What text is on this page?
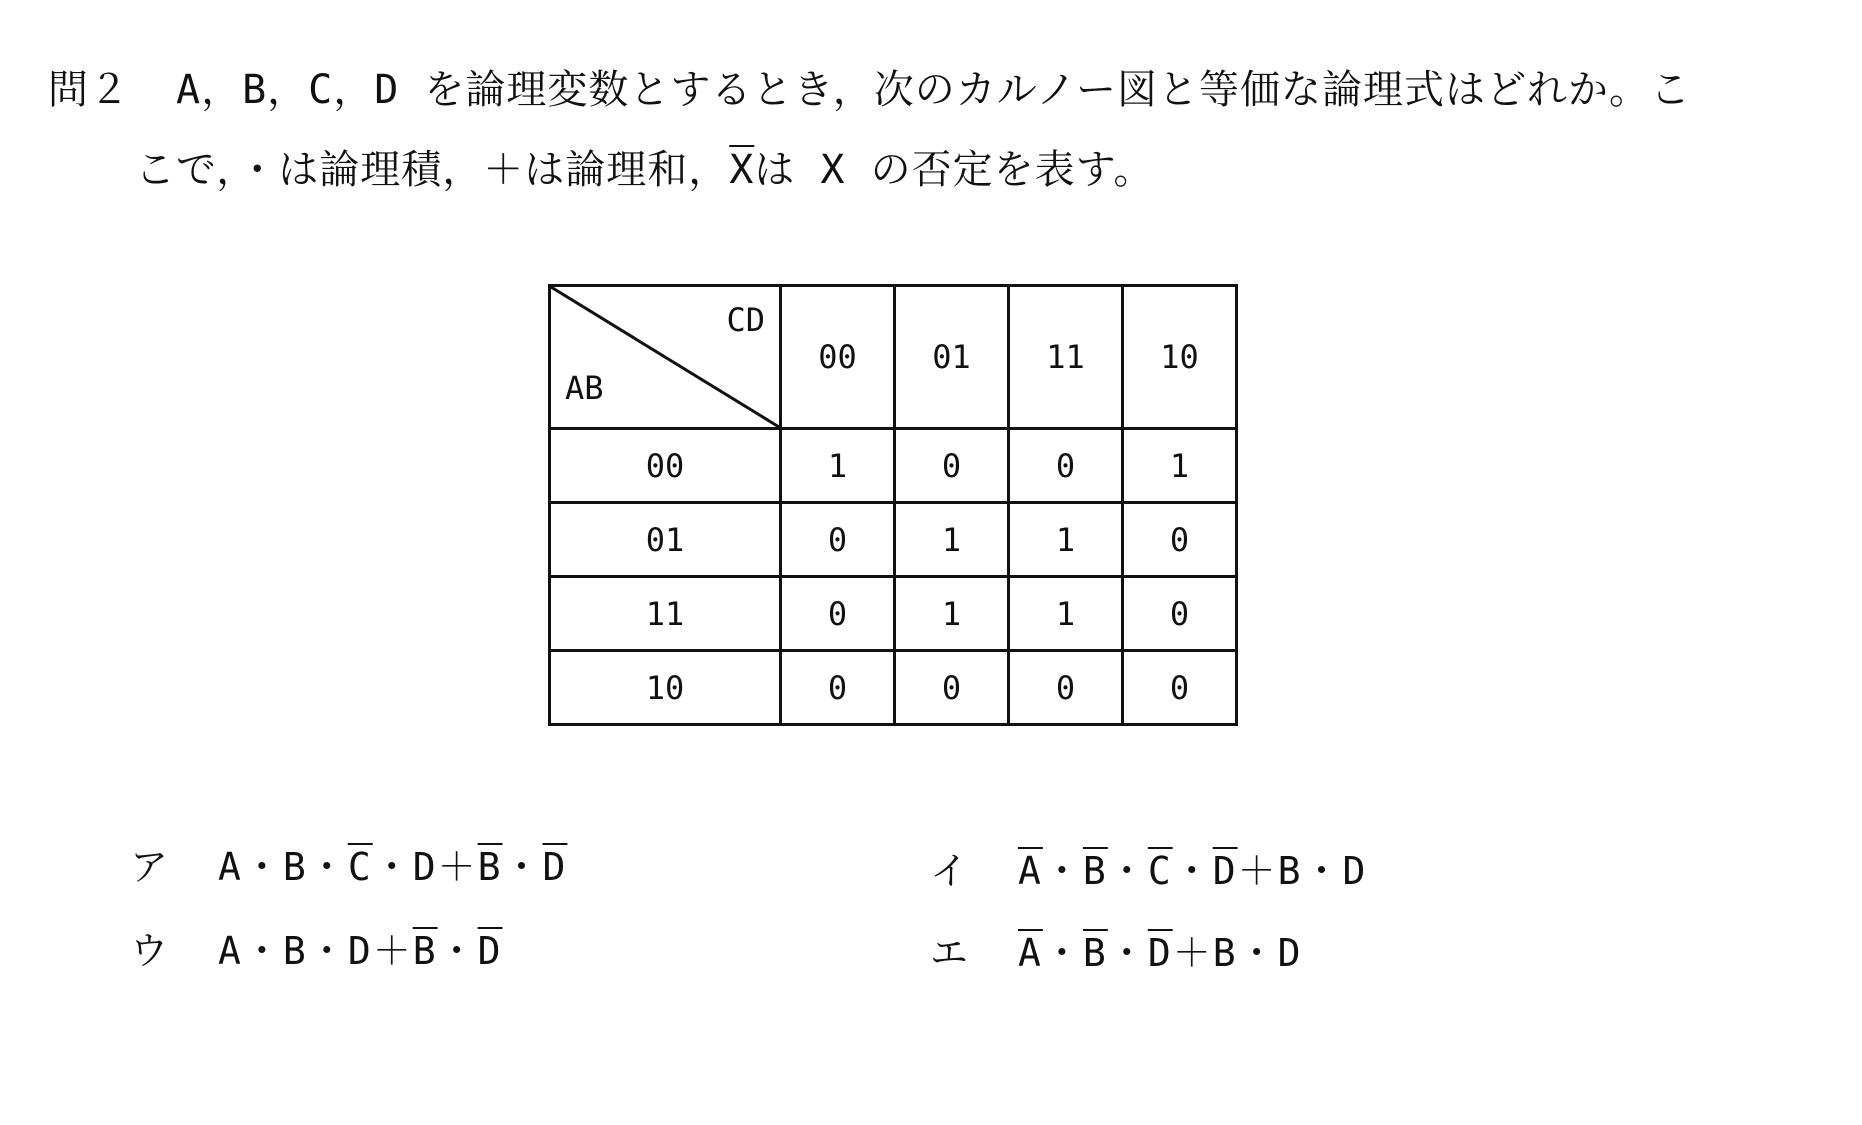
問２ A，B，C，D を論理変数とするとき，次のカルノー図と等価な論理式はどれか。こ
こで，・は論理積，＋は論理和，$\overline{X}$は X の否定を表す。
CD
AB	00	01	11	10
00	1	0	0	1
01	0	1	1	0
11	0	1	1	0
10	0	0	0	0
ア A・B・$\overline{C}$・$D+\overline{B}$・$\overline{D}$	イ $\overline{A}$・$\overline{B}$・$\overline{C}$・$\overline{D}+B$・D
ウ A・B・$D+\overline{B}$・$\overline{D}$	エ $\overline{A}$・$\overline{B}$・$\overline{D}+B$・D
